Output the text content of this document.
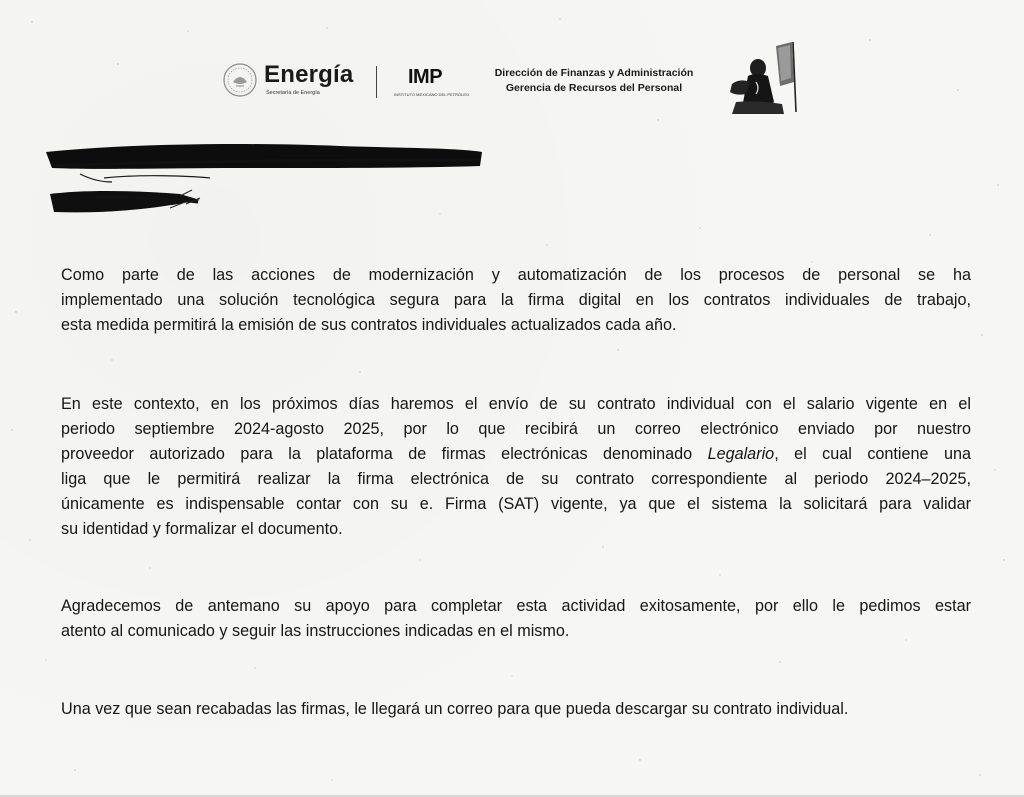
Energía
Secretaría de Energía
IMP
INSTITUTO MEXICANO DEL PETRÓLEO
Dirección de Finanzas y Administración
Gerencia de Recursos del Personal
Como parte de las acciones de modernización y automatización de los procesos de personal se ha
implementado una solución tecnológica segura para la firma digital en los contratos individuales de trabajo,
esta medida permitirá la emisión de sus contratos individuales actualizados cada año.
En este contexto, en los próximos días haremos el envío de su contrato individual con el salario vigente en el
periodo septiembre 2024-agosto 2025, por lo que recibirá un correo electrónico enviado por nuestro
proveedor autorizado para la plataforma de firmas electrónicas denominado Legalario, el cual contiene una
liga que le permitirá realizar la firma electrónica de su contrato correspondiente al periodo 2024–2025,
únicamente es indispensable contar con su e. Firma (SAT) vigente, ya que el sistema la solicitará para validar
su identidad y formalizar el documento.
Agradecemos de antemano su apoyo para completar esta actividad exitosamente, por ello le pedimos estar
atento al comunicado y seguir las instrucciones indicadas en el mismo.
Una vez que sean recabadas las firmas, le llegará un correo para que pueda descargar su contrato individual.
